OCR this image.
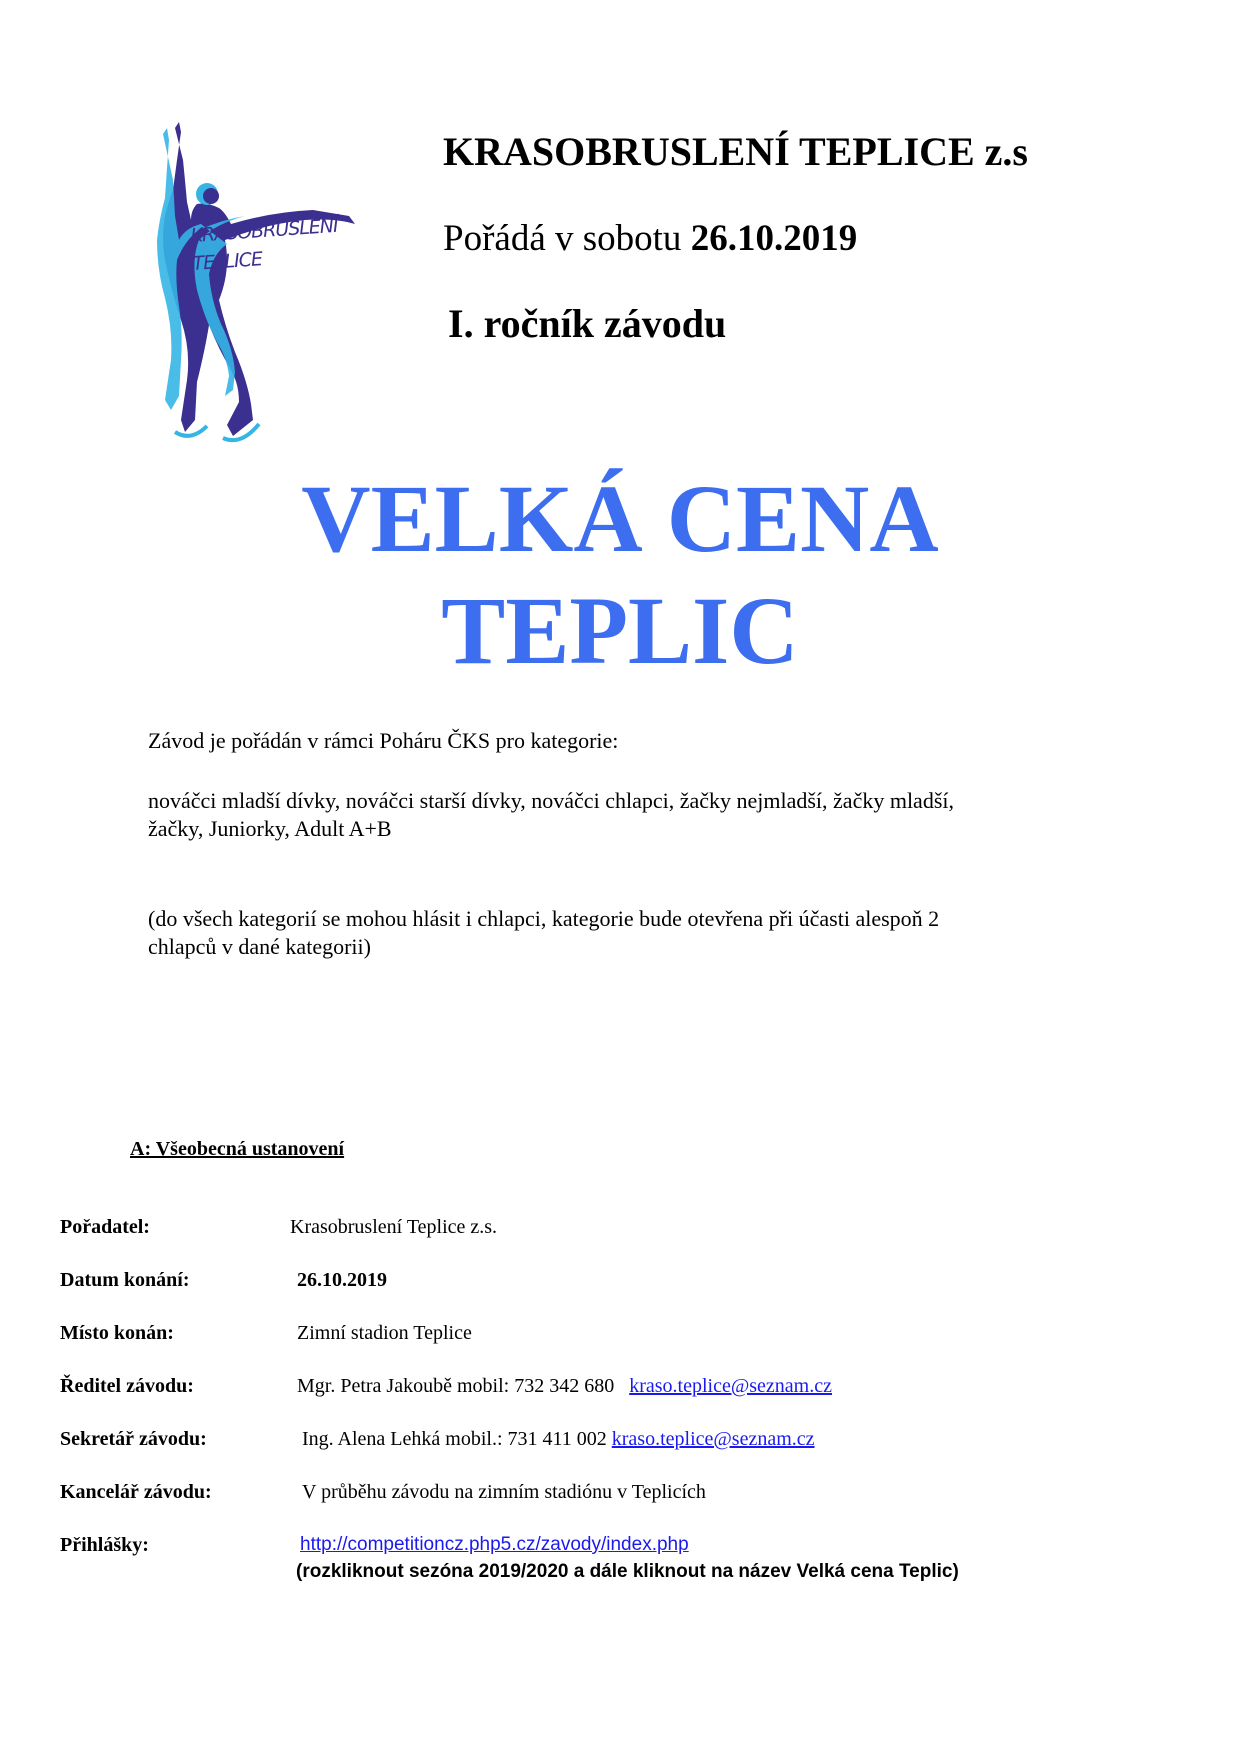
KRASOBRUSLENÍ
TEPLICE
KRASOBRUSLENÍ TEPLICE z.s
Pořádá v sobotu 26.10.2019
I. ročník závodu
VELKÁ CENA
TEPLIC
Závod je pořádán v rámci Poháru ČKS pro kategorie:
nováčci mladší dívky, nováčci starší dívky, nováčci chlapci, žačky nejmladší, žačky mladší,
žačky, Juniorky, Adult A+B
(do všech kategorií se mohou hlásit i chlapci, kategorie bude otevřena při účasti alespoň 2
chlapců v dané kategorii)
A: Všeobecná ustanovení
Pořadatel:	Krasobruslení Teplice z.s.
Datum konání:	26.10.2019
Místo konán:	Zimní stadion Teplice
Ředitel závodu:	Mgr. Petra Jakoubě mobil: 732 342 680 kraso.teplice@seznam.cz
Sekretář závodu:	Ing. Alena Lehká mobil.: 731 411 002 kraso.teplice@seznam.cz
Kancelář závodu:	V průběhu závodu na zimním stadiónu v Teplicích
Přihlášky:	http://competitioncz.php5.cz/zavody/index.php
(rozkliknout sezóna 2019/2020 a dále kliknout na název Velká cena Teplic)
